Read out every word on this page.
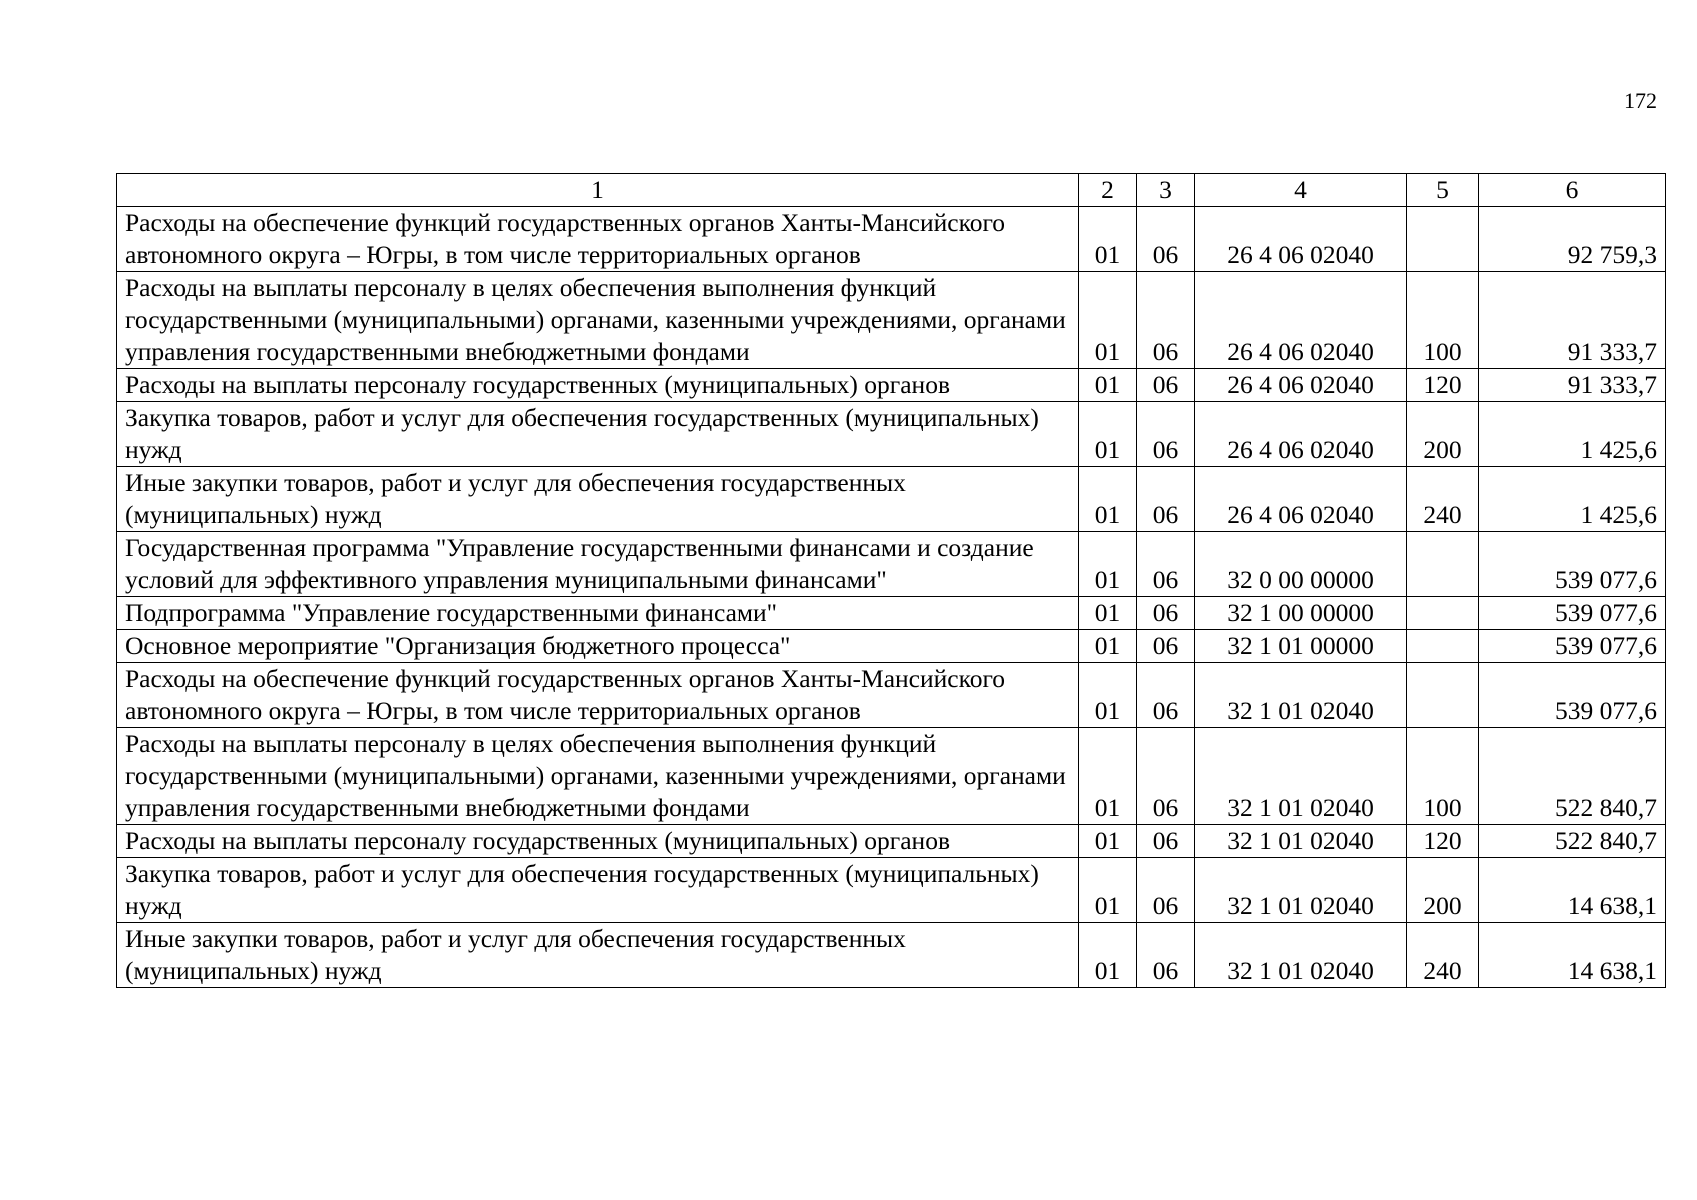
172
1	2	3	4	5	6
Расходы на обеспечение функций государственных органов Ханты-Мансийского автономного округа – Югры, в том числе территориальных органов	01	06	26 4 06 02040		92 759,3
Расходы на выплаты персоналу в целях обеспечения выполнения функций государственными (муниципальными) органами, казенными учреждениями, органами управления государственными внебюджетными фондами	01	06	26 4 06 02040	100	91 333,7
Расходы на выплаты персоналу государственных (муниципальных) органов	01	06	26 4 06 02040	120	91 333,7
Закупка товаров, работ и услуг для обеспечения государственных (муниципальных) нужд	01	06	26 4 06 02040	200	1 425,6
Иные закупки товаров, работ и услуг для обеспечения государственных (муниципальных) нужд	01	06	26 4 06 02040	240	1 425,6
Государственная программа "Управление государственными финансами и создание условий для эффективного управления муниципальными финансами"	01	06	32 0 00 00000		539 077,6
Подпрограмма "Управление государственными финансами"	01	06	32 1 00 00000		539 077,6
Основное мероприятие "Организация бюджетного процесса"	01	06	32 1 01 00000		539 077,6
Расходы на обеспечение функций государственных органов Ханты-Мансийского автономного округа – Югры, в том числе территориальных органов	01	06	32 1 01 02040		539 077,6
Расходы на выплаты персоналу в целях обеспечения выполнения функций государственными (муниципальными) органами, казенными учреждениями, органами управления государственными внебюджетными фондами	01	06	32 1 01 02040	100	522 840,7
Расходы на выплаты персоналу государственных (муниципальных) органов	01	06	32 1 01 02040	120	522 840,7
Закупка товаров, работ и услуг для обеспечения государственных (муниципальных) нужд	01	06	32 1 01 02040	200	14 638,1
Иные закупки товаров, работ и услуг для обеспечения государственных (муниципальных) нужд	01	06	32 1 01 02040	240	14 638,1
